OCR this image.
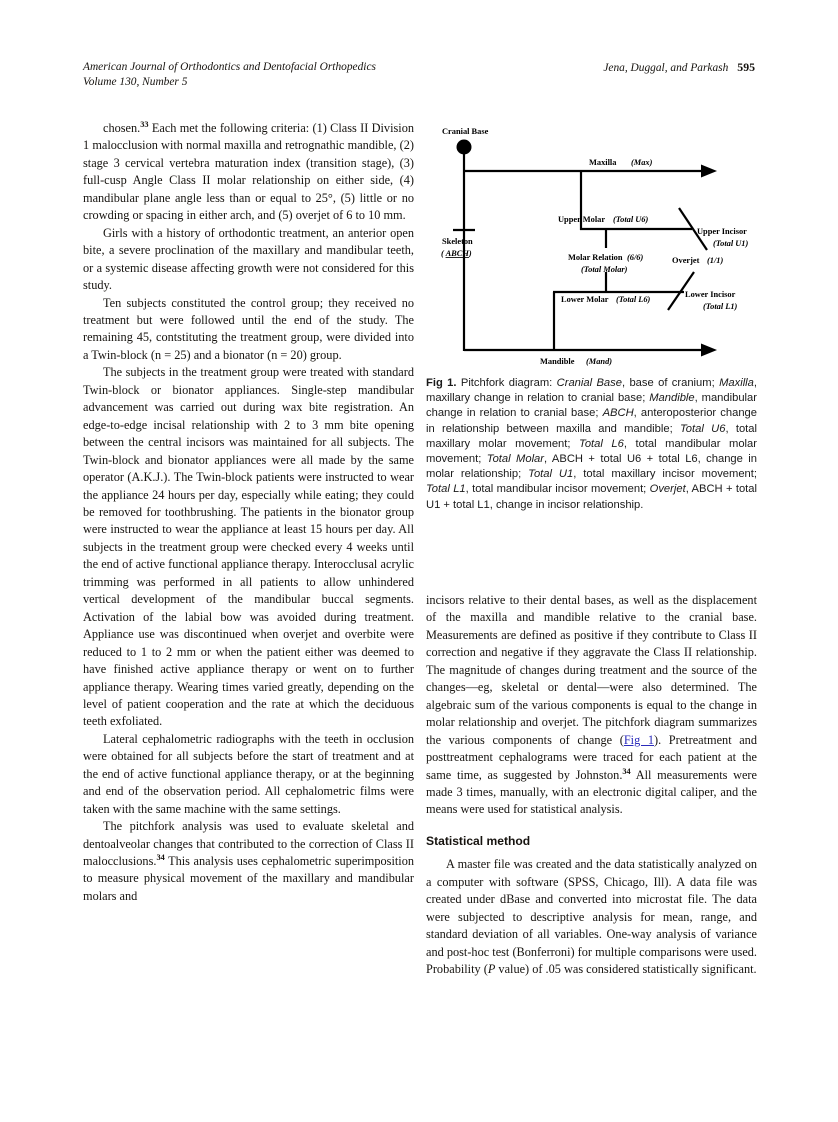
American Journal of Orthodontics and Dentofacial Orthopedics
Volume 130, Number 5
Jena, Duggal, and Parkash 595

chosen.$^{33}$ Each met the following criteria: (1) Class II Division 1 malocclusion with normal maxilla and retrognathic mandible, (2) stage 3 cervical vertebra maturation index (transition stage), (3) full-cusp Angle Class II molar relationship on either side, (4) mandibular plane angle less than or equal to 25°, (5) little or no crowding or spacing in either arch, and (5) overjet of 6 to 10 mm.

Girls with a history of orthodontic treatment, an anterior open bite, a severe proclination of the maxillary and mandibular teeth, or a systemic disease affecting growth were not considered for this study.

Ten subjects constituted the control group; they received no treatment but were followed until the end of the study. The remaining 45, contstituting the treatment group, were divided into a Twin-block (n = 25) and a bionator (n = 20) group.

The subjects in the treatment group were treated with standard Twin-block or bionator appliances. Single-step mandibular advancement was carried out during wax bite registration. An edge-to-edge incisal relationship with 2 to 3 mm bite opening between the central incisors was maintained for all subjects. The Twin-block and bionator appliances were all made by the same operator (A.K.J.). The Twin-block patients were instructed to wear the appliance 24 hours per day, especially while eating; they could be removed for toothbrushing. The patients in the bionator group were instructed to wear the appliance at least 15 hours per day. All subjects in the treatment group were checked every 4 weeks until the end of active functional appliance therapy. Interocclusal acrylic trimming was performed in all patients to allow unhindered vertical development of the mandibular buccal segments. Activation of the labial bow was avoided during treatment. Appliance use was discontinued when overjet and overbite were reduced to 1 to 2 mm or when the patient either was deemed to have finished active appliance therapy or went on to further appliance therapy. Wearing times varied greatly, depending on the level of patient cooperation and the rate at which the deciduous teeth exfoliated.

Lateral cephalometric radiographs with the teeth in occlusion were obtained for all subjects before the start of treatment and at the end of active functional appliance therapy, or at the beginning and end of the observation period. All cephalometric films were taken with the same machine with the same settings.

The pitchfork analysis was used to evaluate skeletal and dentoalveolar changes that contributed to the correction of Class II malocclusions.$^{34}$ This analysis uses cephalometric superimposition to measure physical movement of the maxillary and mandibular molars and

Cranial Base
Maxilla (Max)
Skeleton
( ABCH)
Upper Molar (Total U6)
Upper Incisor
(Total U1)
Molar Relation (6/6)
(Total Molar)
Overjet (1/1)
Lower Molar (Total L6)
Lower Incisor
(Total L1)
Mandible (Mand)
Fig 1. Pitchfork diagram: Cranial Base, base of cranium; Maxilla, maxillary change in relation to cranial base; Mandible, mandibular change in relation to cranial base; ABCH, anteroposterior change in relationship between maxilla and mandible; Total U6, total maxillary molar movement; Total L6, total mandibular molar movement; Total Molar, ABCH + total U6 + total L6, change in molar relationship; Total U1, total maxillary incisor movement; Total L1, total mandibular incisor movement; Overjet, ABCH + total U1 + total L1, change in incisor relationship.

incisors relative to their dental bases, as well as the displacement of the maxilla and mandible relative to the cranial base. Measurements are defined as positive if they contribute to Class II correction and negative if they aggravate the Class II relationship. The magnitude of changes during treatment and the source of the changes—eg, skeletal or dental—were also determined. The algebraic sum of the various components is equal to the change in molar relationship and overjet. The pitchfork diagram summarizes the various components of change (Fig 1). Pretreatment and posttreatment cephalograms were traced for each patient at the same time, as suggested by Johnston.$^{34}$ All measurements were made 3 times, manually, with an electronic digital caliper, and the means were used for statistical analysis.

Statistical method

A master file was created and the data statistically analyzed on a computer with software (SPSS, Chicago, Ill). A data file was created under dBase and converted into microstat file. The data were subjected to descriptive analysis for mean, range, and standard deviation of all variables. One-way analysis of variance and post-hoc test (Bonferroni) for multiple comparisons were used. Probability (P value) of .05 was considered statistically significant.
